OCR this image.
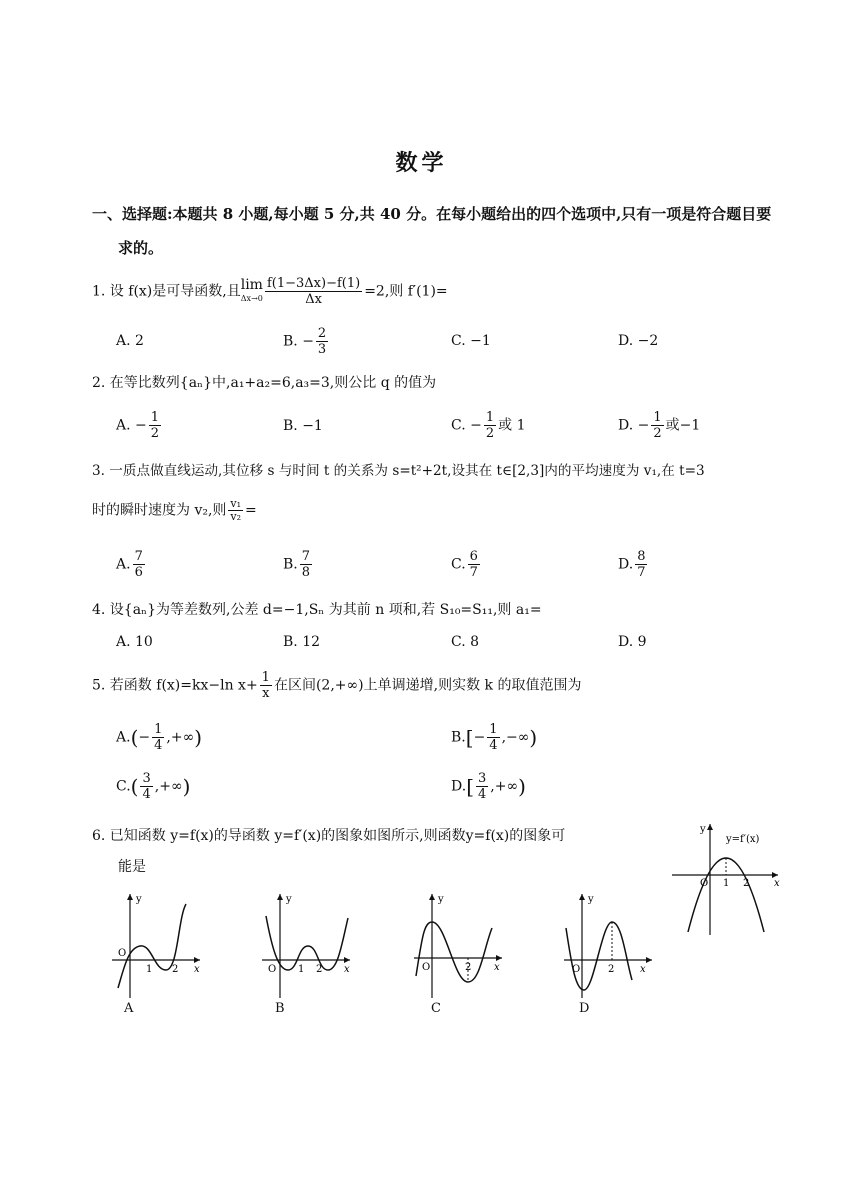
数学
一、选择题:本题共 8 小题,每小题 5 分,共 40 分。在每小题给出的四个选项中,只有一项是符合题目要
求的。
1. 设 f(x)是可导函数,且 lim
$\Delta x\to 0 \frac{f(1-3\Delta x)-f(1)}{\Delta x} =2$,则 f′(1)=
A. 2	B. − $\frac{2}{3}$	C. −1	D. −2
2. 在等比数列{aₙ}中,a₁+a₂=6,a₃=3,则公比 q 的值为
A. − $\frac{1}{2}$	B. −1	C. − $\frac{1}{2}$ 或 1	D. − $\frac{1}{2}$ 或−1
3. 一质点做直线运动,其位移 s 与时间 t 的关系为 s=t²+2t,设其在 t∈[2,3]内的平均速度为 v₁,在 t=3
时的瞬时速度为 v₂,则 $\frac{\text{v₁}}{\text{v₂}}$ =
A. $\frac{7}{6}$	B. $\frac{7}{8}$	C. $\frac{6}{7}$	D. $\frac{8}{7}$
4. 设{aₙ}为等差数列,公差 d=−1,Sₙ 为其前 n 项和,若 S₁₀=S₁₁,则 a₁=
A. 10	B. 12	C. 8	D. 9
5. 若函数 f(x)=kx−ln $x+ \frac{1}{x}$ 在区间(2,+∞)上单调递增,则实数 k 的取值范围为
$A.(- \frac{1}{4}$ ,+∞)	$B.[- \frac{1}{4}$ ,−∞)
$C.( \frac{3}{4}$ ,+∞)	$D.[ \frac{3}{4}$ ,+∞)
6. 已知函数 y=f(x)的导函数 y=f′(x)的图象如图所示,则函数y=f(x)的图象可
能是
y
y=f′(x)
O 1 2 x
y
O
1 2 x
A
y
O 1 2 x
B
y
O	2 x
C
y
O	2	x
D
